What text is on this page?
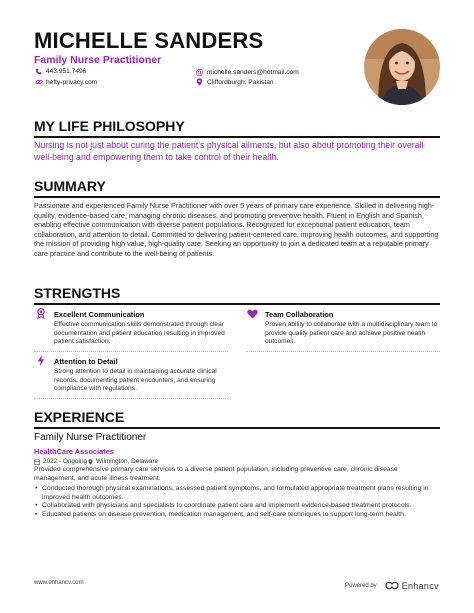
MICHELLE SANDERS
Family Nurse Practitioner
443.951.7496
hefty-privacy.com
@ michelle.sanders@hotmail.com
Cliffordburgh, Pakistan
MY LIFE PHILOSOPHY
Nursing is not just about curing the patient's physical ailments, but also about promoting their overall well-being and empowering them to take control of their health.
SUMMARY
Passionate and experienced Family Nurse Practitioner with over 5 years of primary care experience. Skilled in delivering high-quality, evidence-based care, managing chronic diseases, and promoting preventive health. Fluent in English and Spanish, enabling effective communication with diverse patient populations. Recognized for exceptional patient education, team collaboration, and attention to detail. Committed to delivering patient-centered care, improving health outcomes, and supporting the mission of providing high value, high-quality care. Seeking an opportunity to join a dedicated team at a reputable primary care practice and contribute to the well-being of patients.
STRENGTHS
Excellent Communication
Effective communication skills demonstrated through clear documentation and patient education resulting in improved patient satisfaction.
Team Collaboration
Proven ability to collaborate with a multidisciplinary team to provide quality patient care and achieve positive health outcomes.
Attention to Detail
Strong attention to detail in maintaining accurate clinical records, documenting patient encounters, and ensuring compliance with regulations.
EXPERIENCE
Family Nurse Practitioner
HealthCare Associates
2022 - Ongoing Wilmington, Delaware
Provided comprehensive primary care services to a diverse patient population, including preventive care, chronic disease management, and acute illness treatment.
• Conducted thorough physical examinations, assessed patient symptoms, and formulated appropriate treatment plans resulting in improved health outcomes.
• Collaborated with physicians and specialists to coordinate patient care and implement evidence-based treatment protocols.
• Educated patients on disease prevention, medication management, and self-care techniques to support long-term health.
www.enhancv.com	Powered by	Enhancv
